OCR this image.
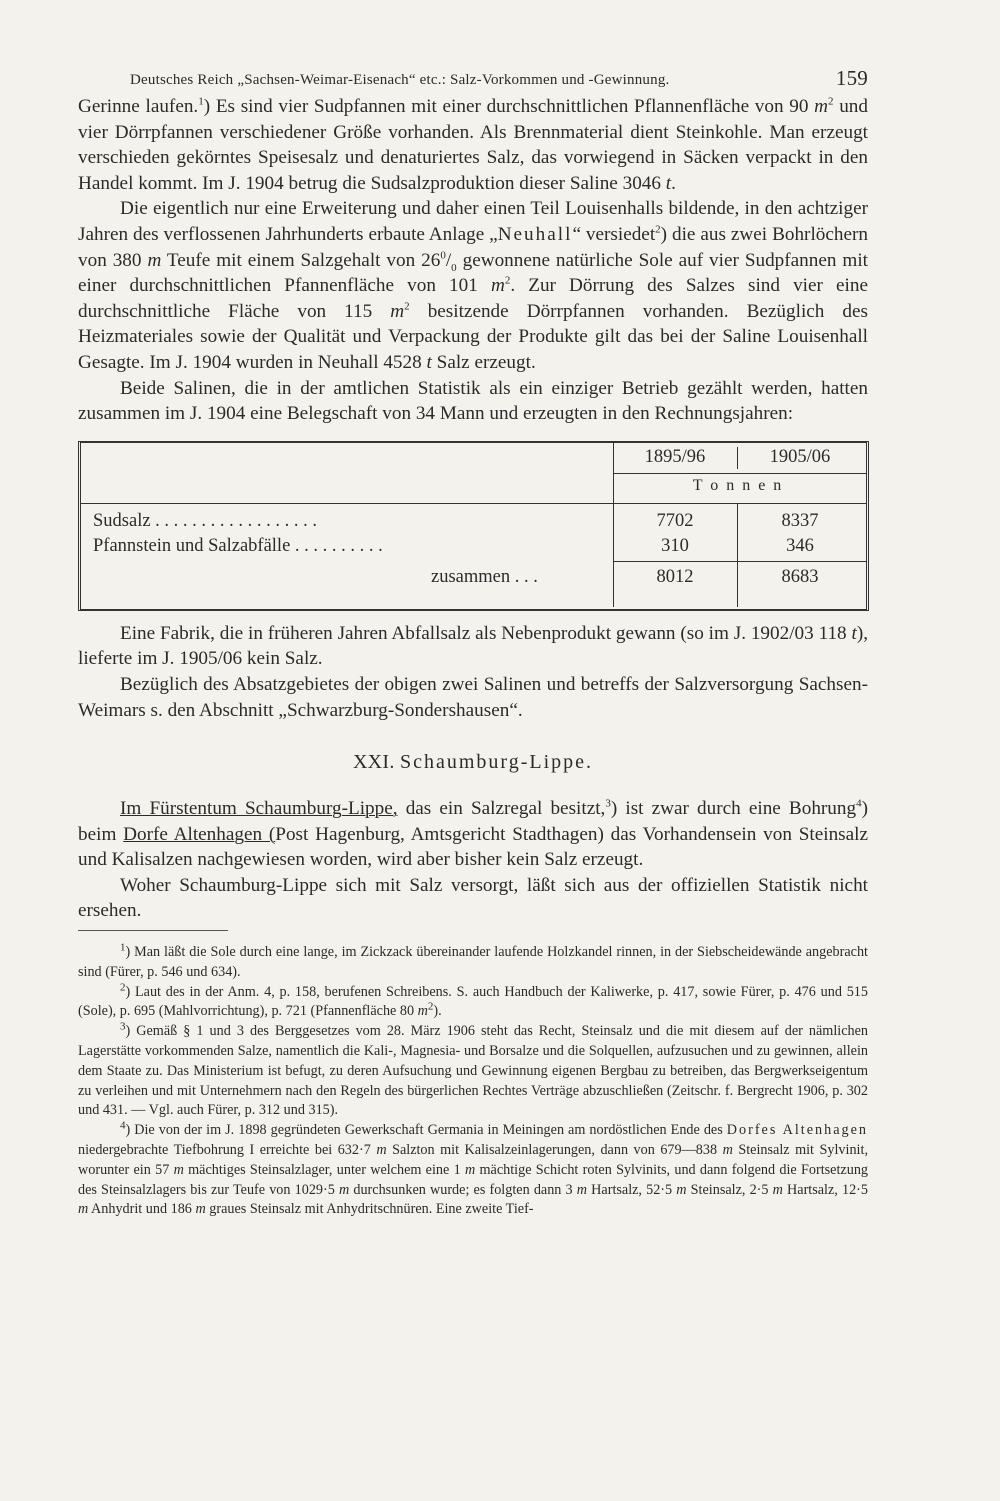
Deutsches Reich „Sachsen-Weimar-Eisenach“ etc.: Salz-Vorkommen und -Gewinnung.	159

Gerinne laufen.$^1$) Es sind vier Sudpfannen mit einer durchschnittlichen Pflannenfläche von 90 $m^2$ und vier Dörrpfannen verschiedener Größe vorhanden. Als Brennmaterial dient Steinkohle. Man erzeugt verschieden gekörntes Speisesalz und denaturiertes Salz, das vorwiegend in Säcken verpackt in den Handel kommt. Im J. 1904 betrug die Sudsalzproduktion dieser Saline 3046 t.

Die eigentlich nur eine Erweiterung und daher einen Teil Louisenhalls bildende, in den achtziger Jahren des verflossenen Jahrhunderts erbaute Anlage „Neuhall“ versiedet$^2$) die aus zwei Bohrlöchern von 380 m Teufe mit einem Salzgehalt von $26^0/_0$ gewonnene natürliche Sole auf vier Sudpfannen mit einer durchschnittlichen Pfannenfläche von 101 $m^2$. Zur Dörrung des Salzes sind vier eine durchschnittliche Fläche von 115 $m^2$ besitzende Dörrpfannen vorhanden. Bezüglich des Heizmateriales sowie der Qualität und Verpackung der Produkte gilt das bei der Saline Louisenhall Gesagte. Im J. 1904 wurden in Neuhall 4528 t Salz erzeugt.

Beide Salinen, die in der amtlichen Statistik als ein einziger Betrieb gezählt werden, hatten zusammen im J. 1904 eine Belegschaft von 34 Mann und erzeugten in den Rechnungsjahren:

1895/96	1905/06
T o n n e n
Sudsalz . . . . . . . . . . . . . . . . . .	7702	8337
Pfannstein und Salzabfälle . . . . . . . . . .	310	346
zusammen . . .	8012	8683

Eine Fabrik, die in früheren Jahren Abfallsalz als Nebenprodukt gewann (so im J. 1902/03 118 t), lieferte im J. 1905/06 kein Salz.

Bezüglich des Absatzgebietes der obigen zwei Salinen und betreffs der Salzversorgung Sachsen-Weimars s. den Abschnitt „Schwarzburg-Sondershausen“.

XXI. Schaumburg-Lippe.

Im Fürstentum Schaumburg-Lippe, das ein Salzregal besitzt,$^3$) ist zwar durch eine Bohrung$^4$) beim Dorfe Altenhagen (Post Hagenburg, Amtsgericht Stadthagen) das Vorhandensein von Steinsalz und Kalisalzen nachgewiesen worden, wird aber bisher kein Salz erzeugt.

Woher Schaumburg-Lippe sich mit Salz versorgt, läßt sich aus der offiziellen Statistik nicht ersehen.

$^1$) Man läßt die Sole durch eine lange, im Zickzack übereinander laufende Holzkandel rinnen, in der Siebscheidewände angebracht sind (Fürer, p. 546 und 634).

$^2$) Laut des in der Anm. 4, p. 158, berufenen Schreibens. S. auch Handbuch der Kaliwerke, p. 417, sowie Fürer, p. 476 und 515 (Sole), p. 695 (Mahlvorrichtung), p. 721 (Pfannenfläche 80 $m^2$).

$^3$) Gemäß § 1 und 3 des Berggesetzes vom 28. März 1906 steht das Recht, Steinsalz und die mit diesem auf der nämlichen Lagerstätte vorkommenden Salze, namentlich die Kali-, Magnesia- und Borsalze und die Solquellen, aufzusuchen und zu gewinnen, allein dem Staate zu. Das Ministerium ist befugt, zu deren Aufsuchung und Gewinnung eigenen Bergbau zu betreiben, das Bergwerkseigentum zu verleihen und mit Unternehmern nach den Regeln des bürgerlichen Rechtes Verträge abzuschließen (Zeitschr. f. Bergrecht 1906, p. 302 und 431. — Vgl. auch Fürer, p. 312 und 315).

$^4$) Die von der im J. 1898 gegründeten Gewerkschaft Germania in Meiningen am nordöstlichen Ende des Dorfes Altenhagen niedergebrachte Tiefbohrung I erreichte bei 632·7 m Salzton mit Kalisalzeinlagerungen, dann von 679—838 m Steinsalz mit Sylvinit, worunter ein 57 m mächtiges Steinsalzlager, unter welchem eine 1 m mächtige Schicht roten Sylvinits, und dann folgend die Fortsetzung des Steinsalzlagers bis zur Teufe von 1029·5 m durchsunken wurde; es folgten dann 3 m Hartsalz, 52·5 m Steinsalz, 2·5 m Hartsalz, 12·5 m Anhydrit und 186 m graues Steinsalz mit Anhydritschnüren. Eine zweite Tief-
